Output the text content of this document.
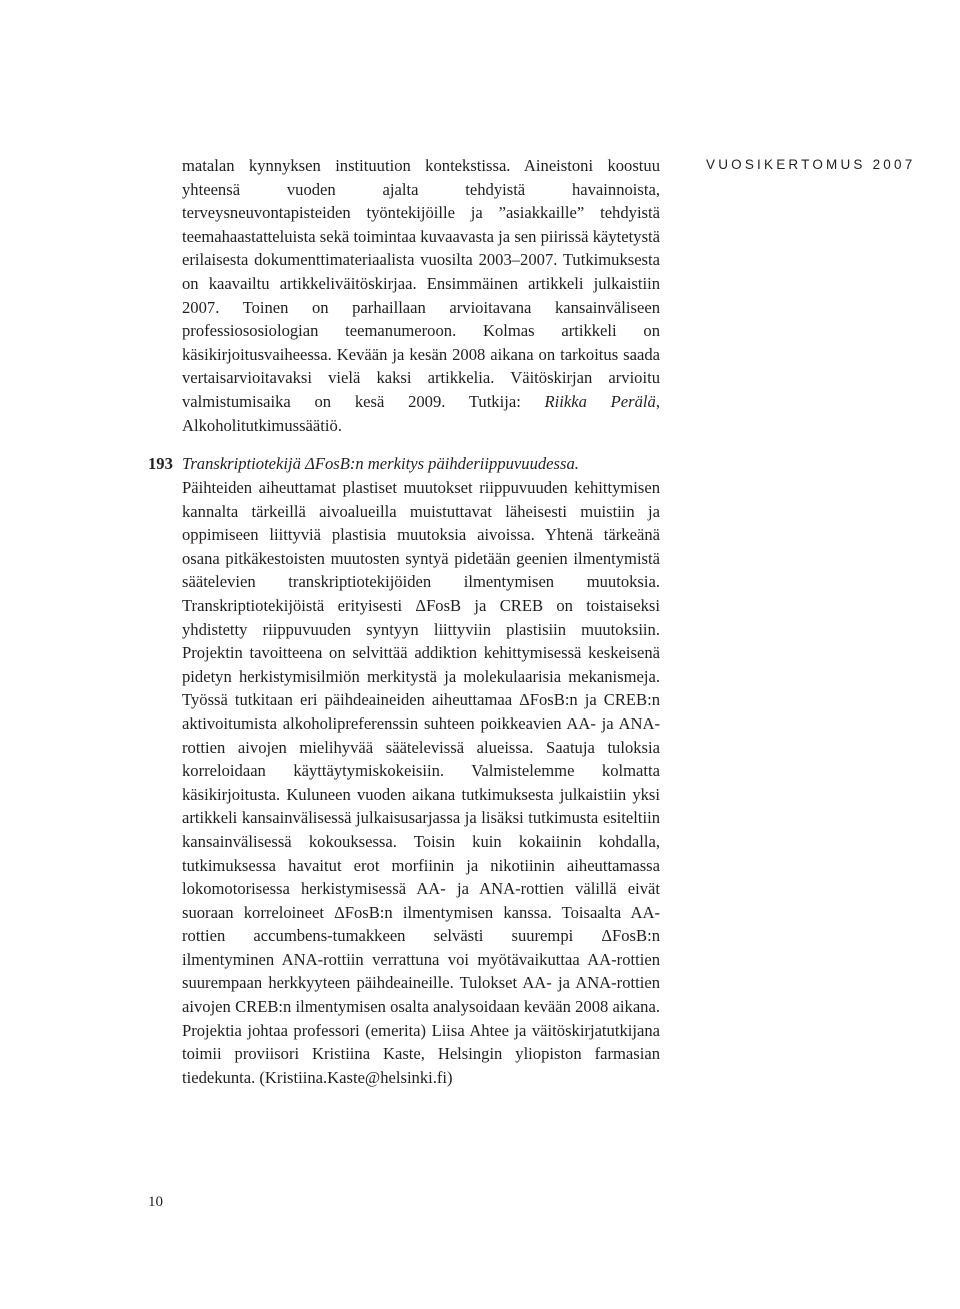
VUOSIKERTOMUS 2007

matalan kynnyksen instituution kontekstissa. Aineistoni koostuu yhteensä vuoden ajalta tehdyistä havainnoista, terveysneuvontapisteiden työntekijöille ja ”asiakkaille” tehdyistä teemahaastatteluista sekä toimintaa kuvaavasta ja sen piirissä käytetystä erilaisesta dokumenttimateriaalista vuosilta 2003–2007. Tutkimuksesta on kaavailtu artikkeliväitöskirjaa. Ensimmäinen artikkeli julkaistiin 2007. Toinen on parhaillaan arvioitavana kansainväliseen professiososiologian teemanumeroon. Kolmas artikkeli on käsikirjoitusvaiheessa. Kevään ja kesän 2008 aikana on tarkoitus saada vertaisarvioitavaksi vielä kaksi artikkelia. Väitöskirjan arvioitu valmistumisaika on kesä 2009. Tutkija: Riikka Perälä, Alkoholitutkimussäätiö.

193 Transkriptiotekijä ΔFosB:n merkitys päihderiippuvuudessa.

Päihteiden aiheuttamat plastiset muutokset riippuvuuden kehittymisen kannalta tärkeillä aivoalueilla muistuttavat läheisesti muistiin ja oppimiseen liittyviä plastisia muutoksia aivoissa. Yhtenä tärkeänä osana pitkäkestoisten muutosten syntyä pidetään geenien ilmentymistä säätelevien transkriptiotekijöiden ilmentymisen muutoksia. Transkriptiotekijöistä erityisesti ΔFosB ja CREB on toistaiseksi yhdistetty riippuvuuden syntyyn liittyviin plastisiin muutoksiin. Projektin tavoitteena on selvittää addiktion kehittymisessä keskeisenä pidetyn herkistymisilmiön merkitystä ja molekulaarisia mekanismeja. Työssä tutkitaan eri päihdeaineiden aiheuttamaa ΔFosB:n ja CREB:n aktivoitumista alkoholipreferenssin suhteen poikkeavien AA- ja ANA-rottien aivojen mielihyvää säätelevissä alueissa. Saatuja tuloksia korreloidaan käyttäytymiskokeisiin. Valmistelemme kolmatta käsikirjoitusta. Kuluneen vuoden aikana tutkimuksesta julkaistiin yksi artikkeli kansainvälisessä julkaisusarjassa ja lisäksi tutkimusta esiteltiin kansainvälisessä kokouksessa. Toisin kuin kokaiinin kohdalla, tutkimuksessa havaitut erot morfiinin ja nikotiinin aiheuttamassa lokomotorisessa herkistymisessä AA- ja ANA-rottien välillä eivät suoraan korreloineet ΔFosB:n ilmentymisen kanssa. Toisaalta AA-rottien accumbens-tumakkeen selvästi suurempi ΔFosB:n ilmentyminen ANA-rottiin verrattuna voi myötävaikuttaa AA-rottien suurempaan herkkyyteen päihdeaineille. Tulokset AA- ja ANA-rottien aivojen CREB:n ilmentymisen osalta analysoidaan kevään 2008 aikana. Projektia johtaa professori (emerita) Liisa Ahtee ja väitöskirjatutkijana toimii proviisori Kristiina Kaste, Helsingin yliopiston farmasian tiedekunta. (Kristiina.Kaste@helsinki.fi)

10
